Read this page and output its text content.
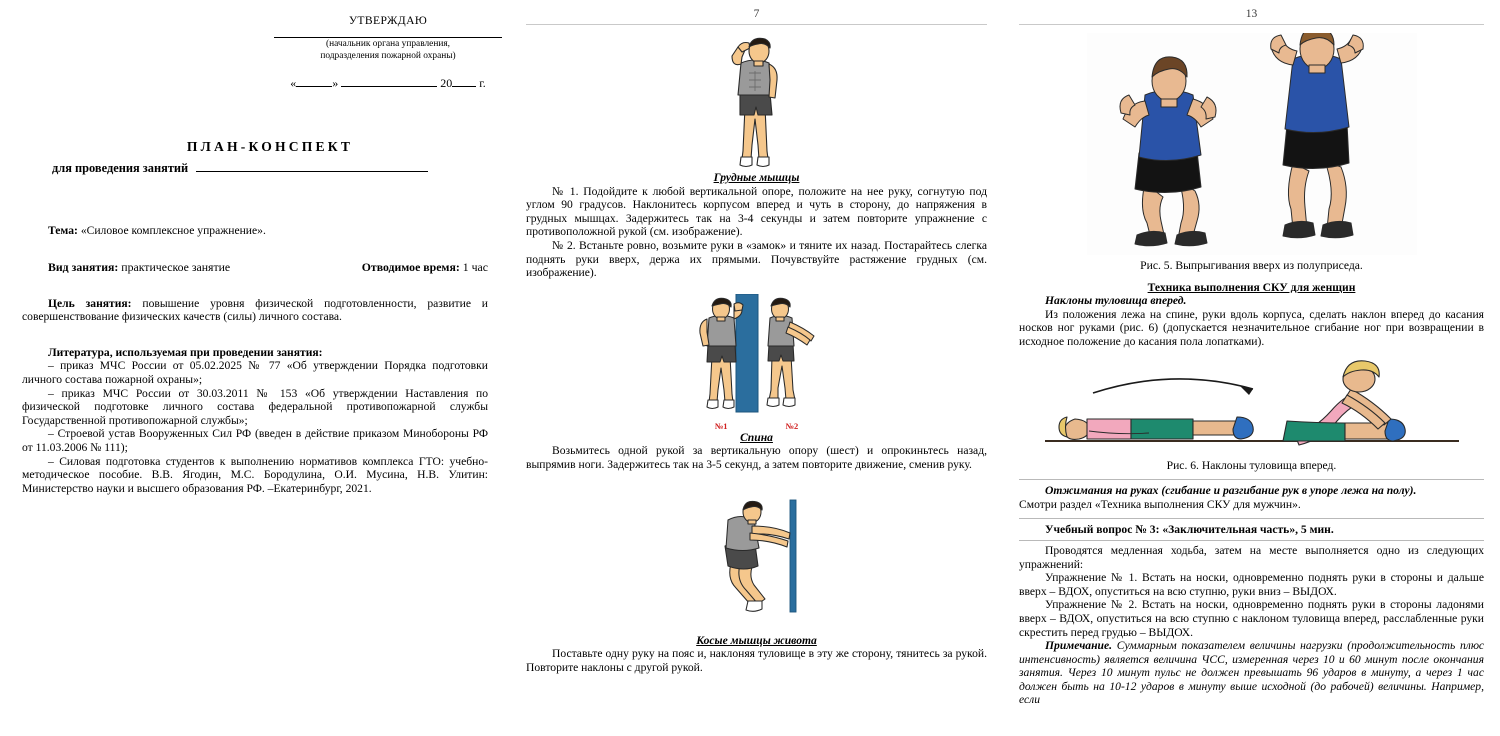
УТВЕРЖДАЮ
(начальник органа управления,
подразделения пожарной охраны)
«	»	20 г.
ПЛАН-КОНСПЕКТ
для проведения занятий

Тема: «Силовое комплексное упражнение».

Вид занятия: практическое занятие	Отводимое время: 1 час

Цель занятия: повышение уровня физической подготовленности, развитие и совершенствование физических качеств (силы) личного состава.

Литература, используемая при проведении занятия:

– приказ МЧС России от 05.02.2025 № 77 «Об утверждении Порядка подготовки личного состава пожарной охраны»;

– приказ МЧС России от 30.03.2011 № 153 «Об утверждении Наставления по физической подготовке личного состава федеральной противопожарной службы Государственной противопожарной службы»;

– Строевой устав Вооруженных Сил РФ (введен в действие приказом Минобороны РФ от 11.03.2006 № 111);

– Силовая подготовка студентов к выполнению нормативов комплекса ГТО: учебно-методическое пособие. В.В. Ягодин, М.С. Бородулина, О.И. Мусина, Н.В. Улитин: Министерство науки и высшего образования РФ. –Екатеринбург, 2021.

7

Грудные мышцы

№ 1. Подойдите к любой вертикальной опоре, положите на нее руку, согнутую под углом 90 градусов. Наклонитесь корпусом вперед и чуть в сторону, до напряжения в грудных мышцах. Задержитесь так на 3-4 секунды и затем повторите упражнение с противоположной рукой (см. изображение).

№ 2. Встаньте ровно, возьмите руки в «замок» и тяните их назад. Постарайтесь слегка поднять руки вверх, держа их прямыми. Почувствуйте растяжение грудных (см. изображение).

№1	№2

Спина

Возьмитесь одной рукой за вертикальную опору (шест) и опрокиньтесь назад, выпрямив ноги. Задержитесь так на 3-5 секунд, а затем повторите движение, сменив руку.

Косые мышцы живота

Поставьте одну руку на пояс и, наклоняя туловище в эту же сторону, тянитесь за рукой. Повторите наклоны с другой рукой.

13

Рис. 5. Выпрыгивания вверх из полуприседа.

Техника выполнения СКУ для женщин

Наклоны туловища вперед.

Из положения лежа на спине, руки вдоль корпуса, сделать наклон вперед до касания носков ног руками (рис. 6) (допускается незначительное сгибание ног при возвращении в исходное положение до касания пола лопатками).

Рис. 6. Наклоны туловища вперед.

Отжимания на руках (сгибание и разгибание рук в упоре лежа на полу).

Смотри раздел «Техника выполнения СКУ для мужчин».

Учебный вопрос № 3: «Заключительная часть», 5 мин.

Проводятся медленная ходьба, затем на месте выполняется одно из следующих упражнений:

Упражнение № 1. Встать на носки, одновременно поднять руки в стороны и дальше вверх – ВДОХ, опуститься на всю ступню, руки вниз – ВЫДОХ.

Упражнение № 2. Встать на носки, одновременно поднять руки в стороны ладонями вверх – ВДОХ, опуститься на всю ступню с наклоном туловища вперед, расслабленные руки скрестить перед грудью – ВЫДОХ.

Примечание. Суммарным показателем величины нагрузки (продолжительность плюс интенсивность) является величина ЧСС, измеренная через 10 и 60 минут после окончания занятия. Через 10 минут пульс не должен превышать 96 ударов в минуту, а через 1 час должен быть на 10-12 ударов в минуту выше исходной (до рабочей) величины. Например, если
